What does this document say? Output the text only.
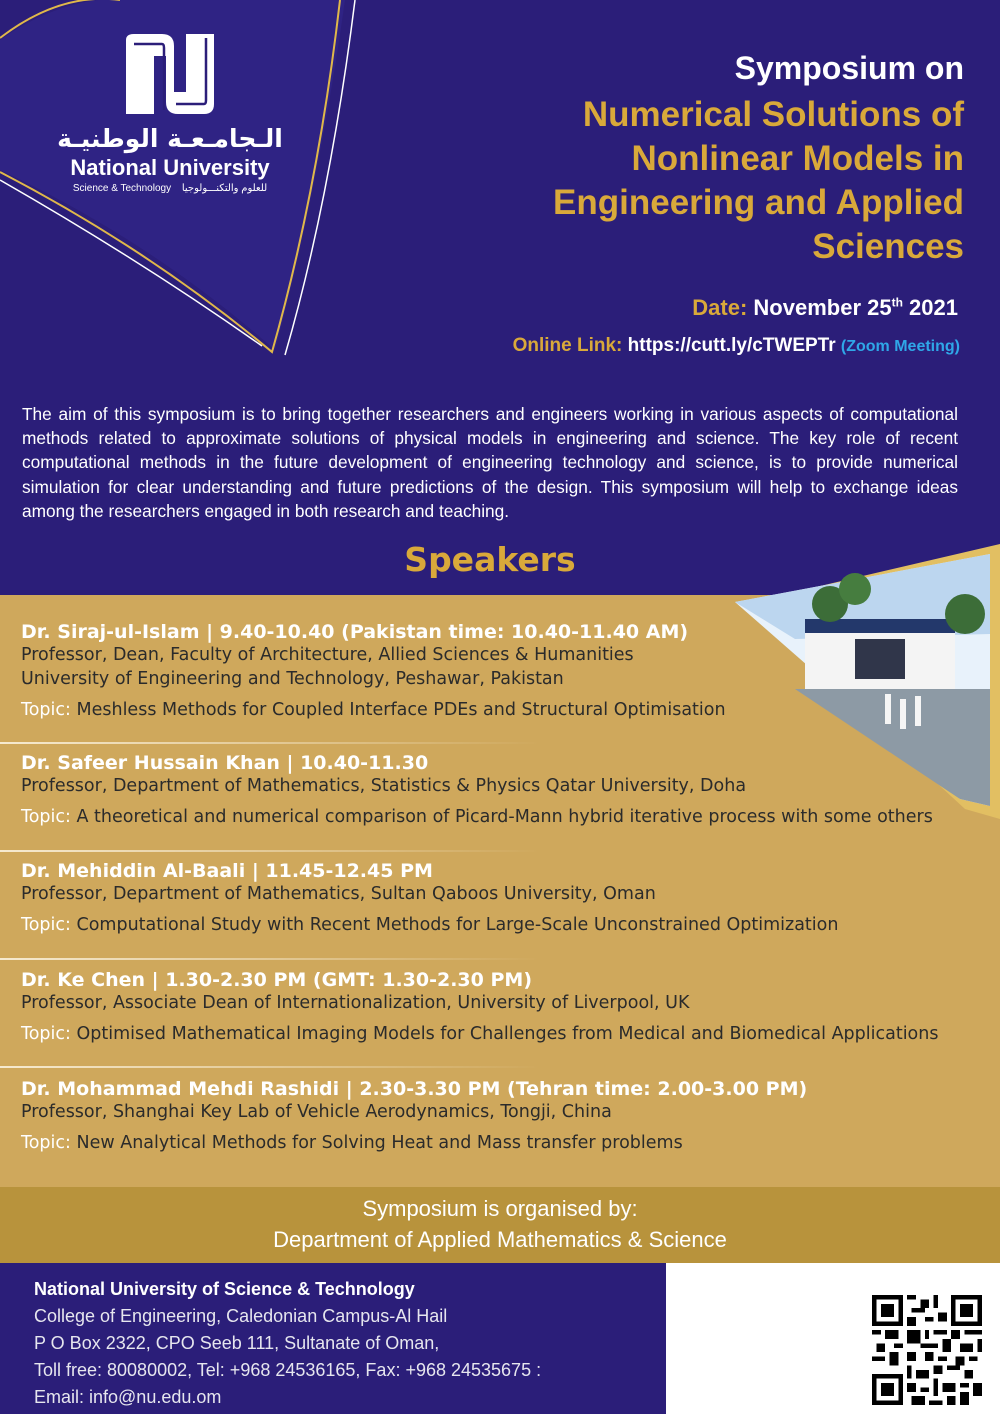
الـجامـعـة الوطنيـة
National University
Science & Technology للعلوم والتكنـــولوجيا
Symposium on
Numerical Solutions of Nonlinear Models in Engineering and Applied Sciences
Date: November 25th 2021
Online Link: https://cutt.ly/cTWEPTr (Zoom Meeting)
The aim of this symposium is to bring together researchers and engineers working in various aspects of computational methods related to approximate solutions of physical models in engineering and science. The key role of recent computational methods in the future development of engineering technology and science, is to provide numerical simulation for clear understanding and future predictions of the design. This symposium will help to exchange ideas among the researchers engaged in both research and teaching.
Speakers
Dr. Siraj-ul-Islam | 9.40-10.40 (Pakistan time: 10.40-11.40 AM)
Professor, Dean, Faculty of Architecture, Allied Sciences & Humanities
University of Engineering and Technology, Peshawar, Pakistan
Topic: Meshless Methods for Coupled Interface PDEs and Structural Optimisation
Dr. Safeer Hussain Khan | 10.40-11.30
Professor, Department of Mathematics, Statistics & Physics Qatar University, Doha
Topic: A theoretical and numerical comparison of Picard-Mann hybrid iterative process with some others
Dr. Mehiddin Al-Baali | 11.45-12.45 PM
Professor, Department of Mathematics, Sultan Qaboos University, Oman
Topic: Computational Study with Recent Methods for Large-Scale Unconstrained Optimization
Dr. Ke Chen | 1.30-2.30 PM (GMT: 1.30-2.30 PM)
Professor, Associate Dean of Internationalization, University of Liverpool, UK
Topic: Optimised Mathematical Imaging Models for Challenges from Medical and Biomedical Applications
Dr. Mohammad Mehdi Rashidi | 2.30-3.30 PM (Tehran time: 2.00-3.00 PM)
Professor, Shanghai Key Lab of Vehicle Aerodynamics, Tongji, China
Topic: New Analytical Methods for Solving Heat and Mass transfer problems
Symposium is organised by:
Department of Applied Mathematics & Science
National University of Science & Technology
College of Engineering, Caledonian Campus-Al Hail
P O Box 2322, CPO Seeb 111, Sultanate of Oman,
Toll free: 80080002, Tel: +968 24536165, Fax: +968 24535675 :
Email: info@nu.edu.om
